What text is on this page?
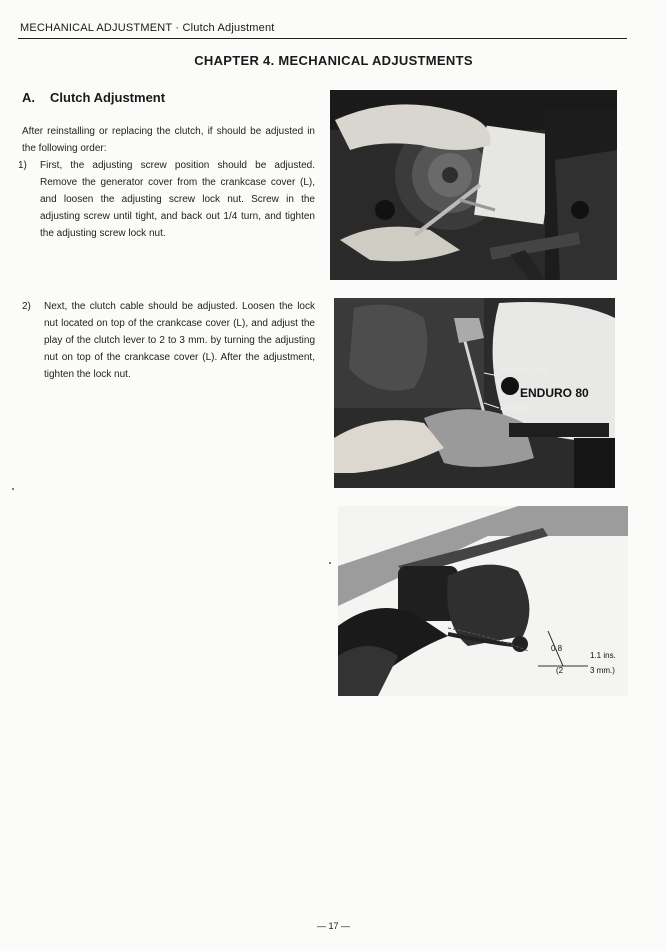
MECHANICAL ADJUSTMENT · Clutch Adjustment
CHAPTER 4. MECHANICAL ADJUSTMENTS
A. Clutch Adjustment

After reinstalling or replacing the clutch, if should be adjusted in the following order:

1)	First, the adjusting screw position should be adjusted. Remove the generator cover from the crankcase cover (L), and loosen the adjusting screw lock nut. Screw in the adjusting screw until tight, and back out 1/4 turn, and tighten the adjusting screw lock nut.
2)	Next, the clutch cable should be adjusted. Loosen the lock nut located on top of the crankcase cover (L), and adjust the play of the clutch lever to 2 to 3 mm. by turning the adjusting nut on top of the crankcase cover (L). After the adjustment, tighten the lock nut.	Adjusting nut
Lock nut
ENDURO 80
0.8
(2
1.1 ins.
3 mm.)
— 17 —
